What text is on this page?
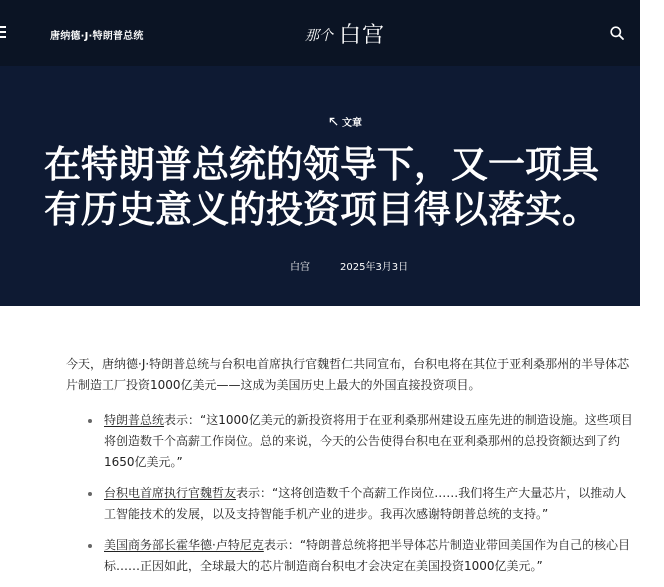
唐纳德·J·特朗普总统	那个 白宫
文章
在特朗普总统的领导下，又一项具
有历史意义的投资项目得以落实。
白宫	2025年3月3日

今天，唐纳德·J·特朗普总统与台积电首席执行官魏哲仁共同宣布，台积电将在其位于亚利桑那州的半导体芯片制造工厂投资1000亿美元——这成为美国历史上最大的外国直接投资项目。

特朗普总统表示：“这1000亿美元的新投资将用于在亚利桑那州建设五座先进的制造设施。这些项目将创造数千个高薪工作岗位。总的来说，今天的公告使得台积电在亚利桑那州的总投资额达到了约1650亿美元。”
台积电首席执行官魏哲友表示：“这将创造数千个高薪工作岗位……我们将生产大量芯片，以推动人工智能技术的发展，以及支持智能手机产业的进步。我再次感谢特朗普总统的支持。”
美国商务部长霍华德·卢特尼克表示：“特朗普总统将把半导体芯片制造业带回美国作为自己的核心目标……正因如此，全球最大的芯片制造商台积电才会决定在美国投资1000亿美元。”
